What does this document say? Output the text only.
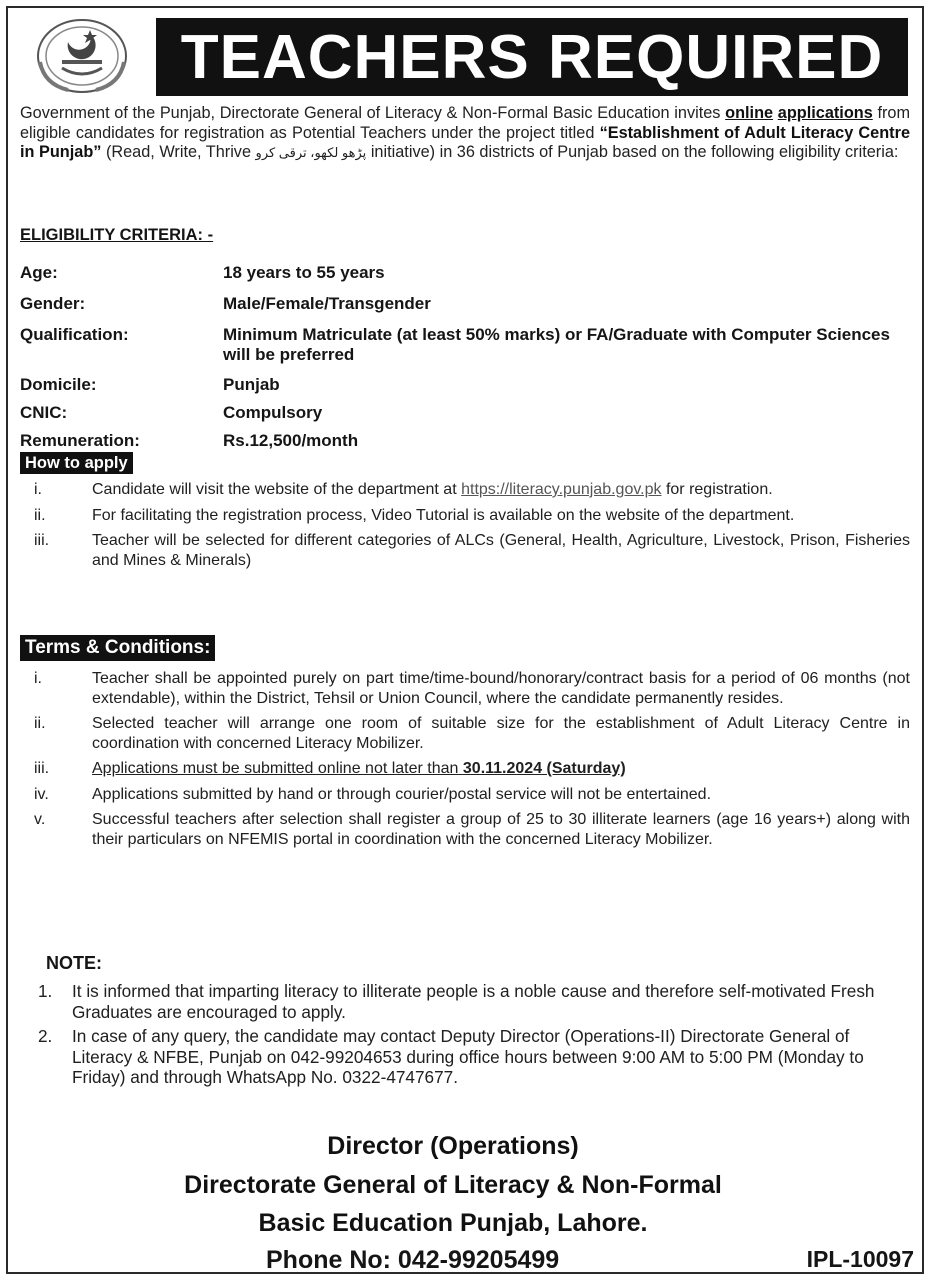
TEACHERS REQUIRED
Government of the Punjab, Directorate General of Literacy & Non-Formal Basic Education invites online applications from eligible candidates for registration as Potential Teachers under the project titled “Establishment of Adult Literacy Centre in Punjab” (Read, Write, Thrive پڑھو لکھو، ترقی کرو initiative) in 36 districts of Punjab based on the following eligibility criteria:
ELIGIBILITY CRITERIA: -
Age:	18 years to 55 years
Gender:	Male/Female/Transgender
Qualification:	Minimum Matriculate (at least 50% marks) or FA/Graduate with Computer Sciences will be preferred
Domicile:	Punjab
CNIC:	Compulsory
Remuneration:	Rs.12,500/month
How to apply
i.	Candidate will visit the website of the department at https://literacy.punjab.gov.pk for registration.
ii.	For facilitating the registration process, Video Tutorial is available on the website of the department.
iii.	Teacher will be selected for different categories of ALCs (General, Health, Agriculture, Livestock, Prison, Fisheries and Mines & Minerals)
Terms & Conditions:
i.	Teacher shall be appointed purely on part time/time-bound/honorary/contract basis for a period of 06 months (not extendable), within the District, Tehsil or Union Council, where the candidate permanently resides.
ii.	Selected teacher will arrange one room of suitable size for the establishment of Adult Literacy Centre in coordination with concerned Literacy Mobilizer.
iii.	Applications must be submitted online not later than 30.11.2024 (Saturday)
iv.	Applications submitted by hand or through courier/postal service will not be entertained.
v.	Successful teachers after selection shall register a group of 25 to 30 illiterate learners (age 16 years+) along with their particulars on NFEMIS portal in coordination with the concerned Literacy Mobilizer.
NOTE:
1. It is informed that imparting literacy to illiterate people is a noble cause and therefore self-motivated Fresh Graduates are encouraged to apply.
2. In case of any query, the candidate may contact Deputy Director (Operations-II) Directorate General of Literacy & NFBE, Punjab on 042-99204653 during office hours between 9:00 AM to 5:00 PM (Monday to Friday) and through WhatsApp No. 0322-4747677.
Director (Operations)
Directorate General of Literacy & Non-Formal
Basic Education Punjab, Lahore.
Phone No: 042-99205499	IPL-10097
